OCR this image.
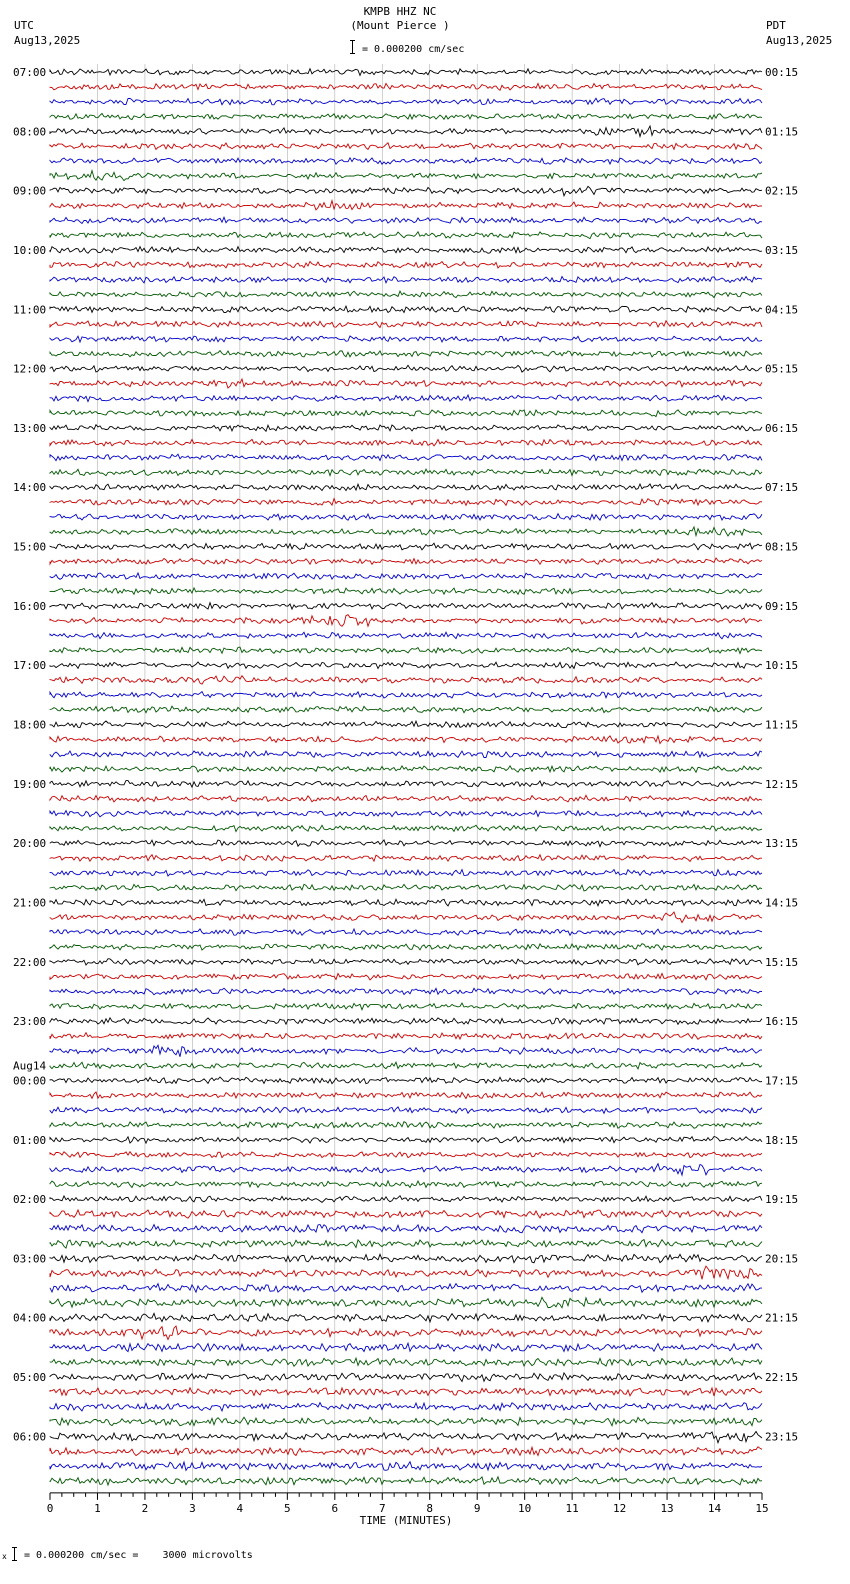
KMPB HHZ NC
(Mount Pierce )
= 0.000200 cm/sec
UTC
Aug13,2025
PDT
Aug13,2025
07:00
08:00
09:00
10:00
11:00
12:00
13:00
14:00
15:00
16:00
17:00
18:00
19:00
20:00
21:00
22:00
23:00
00:00
01:00
02:00
03:00
04:00
05:00
06:00
00:15
01:15
02:15
03:15
04:15
05:15
06:15
07:15
08:15
09:15
10:15
11:15
12:15
13:15
14:15
15:15
16:15
17:15
18:15
19:15
20:15
21:15
22:15
23:15
Aug14
0	1	2	3	4	5	6	7	8	9	10	11	12	13	14	15
TIME (MINUTES)
x = 0.000200 cm/sec =    3000 microvolts
